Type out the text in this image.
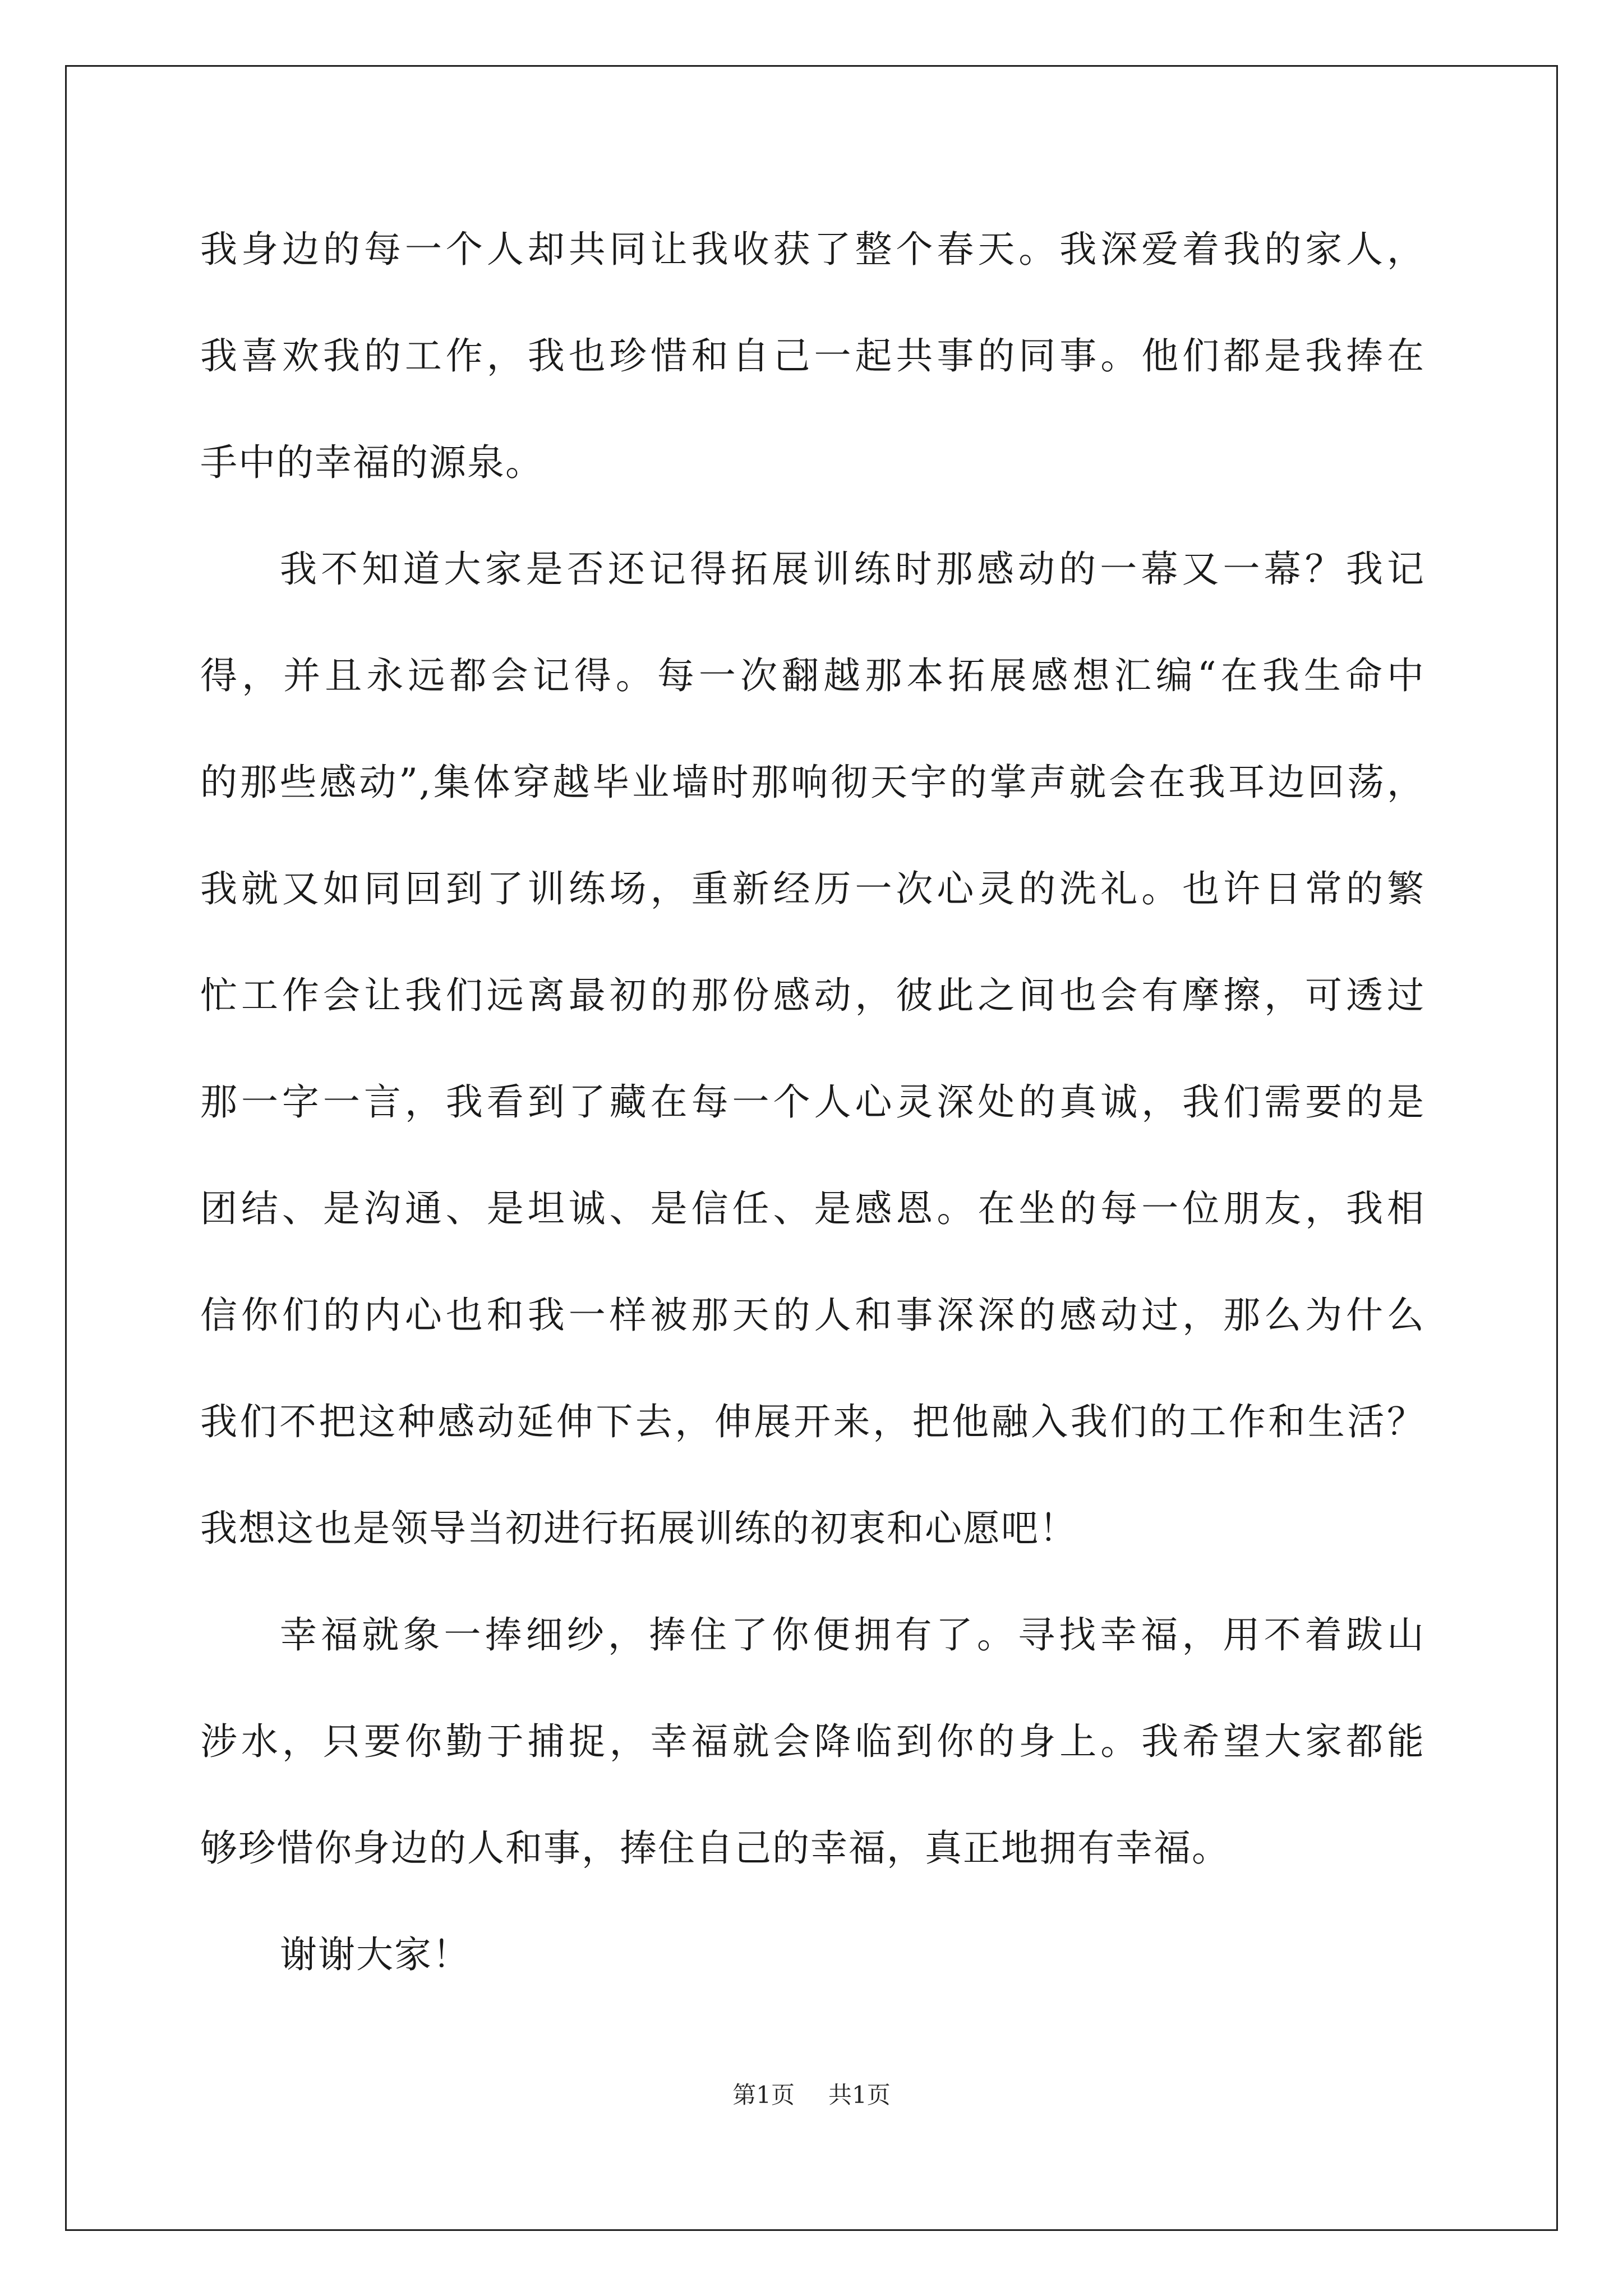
我身边的每一个人却共同让我收获了整个春天。我深爱着我的家人，
我喜欢我的工作，我也珍惜和自己一起共事的同事。他们都是我捧在
手中的幸福的源泉。
我不知道大家是否还记得拓展训练时那感动的一幕又一幕？我记
得，并且永远都会记得。每一次翻越那本拓展感想汇编“在我生命中
的那些感动”,集体穿越毕业墙时那响彻天宇的掌声就会在我耳边回荡，
我就又如同回到了训练场，重新经历一次心灵的洗礼。也许日常的繁
忙工作会让我们远离最初的那份感动，彼此之间也会有摩擦，可透过
那一字一言，我看到了藏在每一个人心灵深处的真诚，我们需要的是
团结、是沟通、是坦诚、是信任、是感恩。在坐的每一位朋友，我相
信你们的内心也和我一样被那天的人和事深深的感动过，那么为什么
我们不把这种感动延伸下去，伸展开来，把他融入我们的工作和生活？
我想这也是领导当初进行拓展训练的初衷和心愿吧！
幸福就象一捧细纱，捧住了你便拥有了。寻找幸福，用不着跋山
涉水，只要你勤于捕捉，幸福就会降临到你的身上。我希望大家都能
够珍惜你身边的人和事，捧住自己的幸福，真正地拥有幸福。
谢谢大家！
第1页 共1页
